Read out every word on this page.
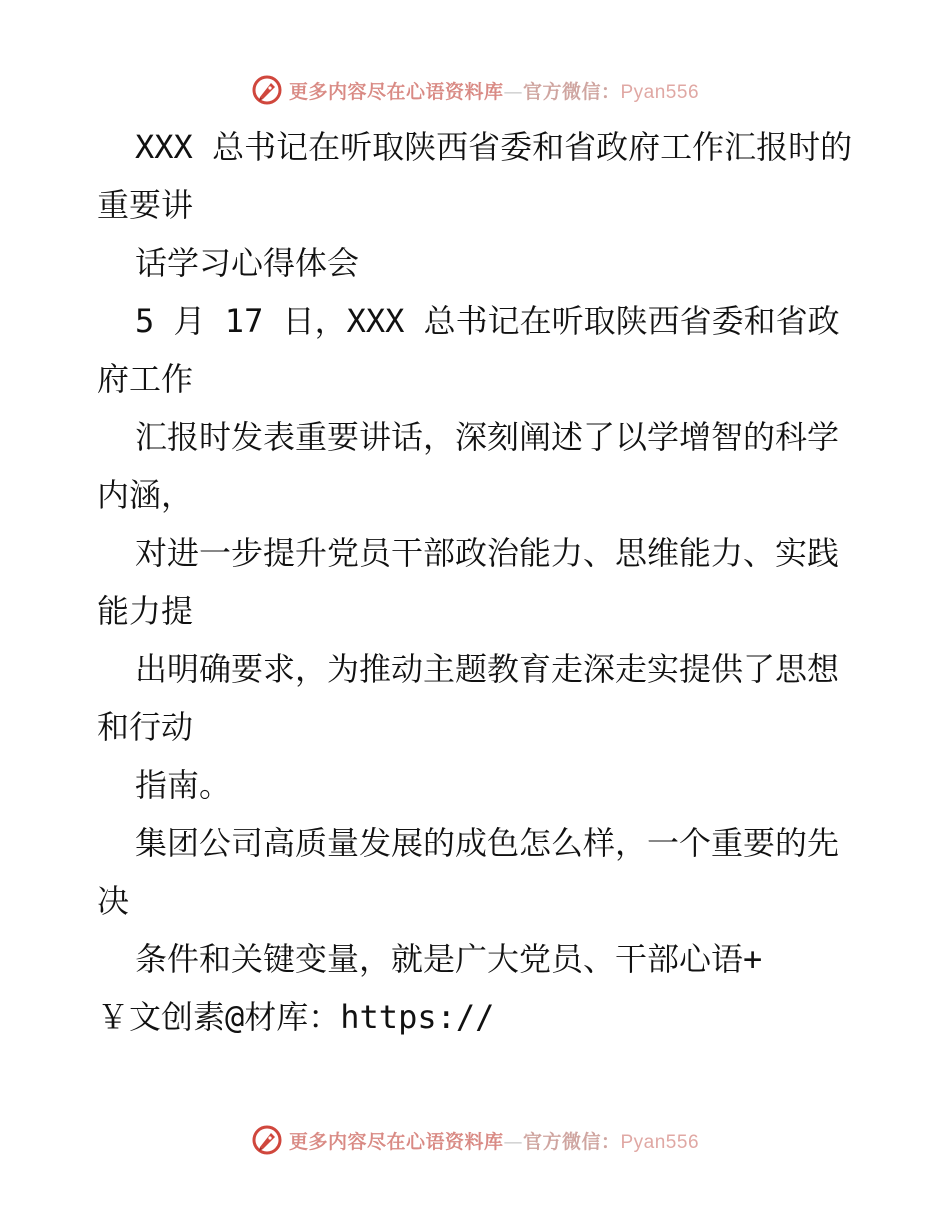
更多内容尽在心语资料库—官方微信：Pyan556

XXX 总书记在听取陕西省委和省政府工作汇报时的重要讲

话学习心得体会

5 月 17 日，XXX 总书记在听取陕西省委和省政府工作

汇报时发表重要讲话，深刻阐述了以学增智的科学内涵，

对进一步提升党员干部政治能力、思维能力、实践能力提

出明确要求，为推动主题教育走深走实提供了思想和行动

指南。

集团公司高质量发展的成色怎么样，一个重要的先决

条件和关键变量，就是广大党员、干部心语+

￥文创素@材库：https://

更多内容尽在心语资料库—官方微信：Pyan556
